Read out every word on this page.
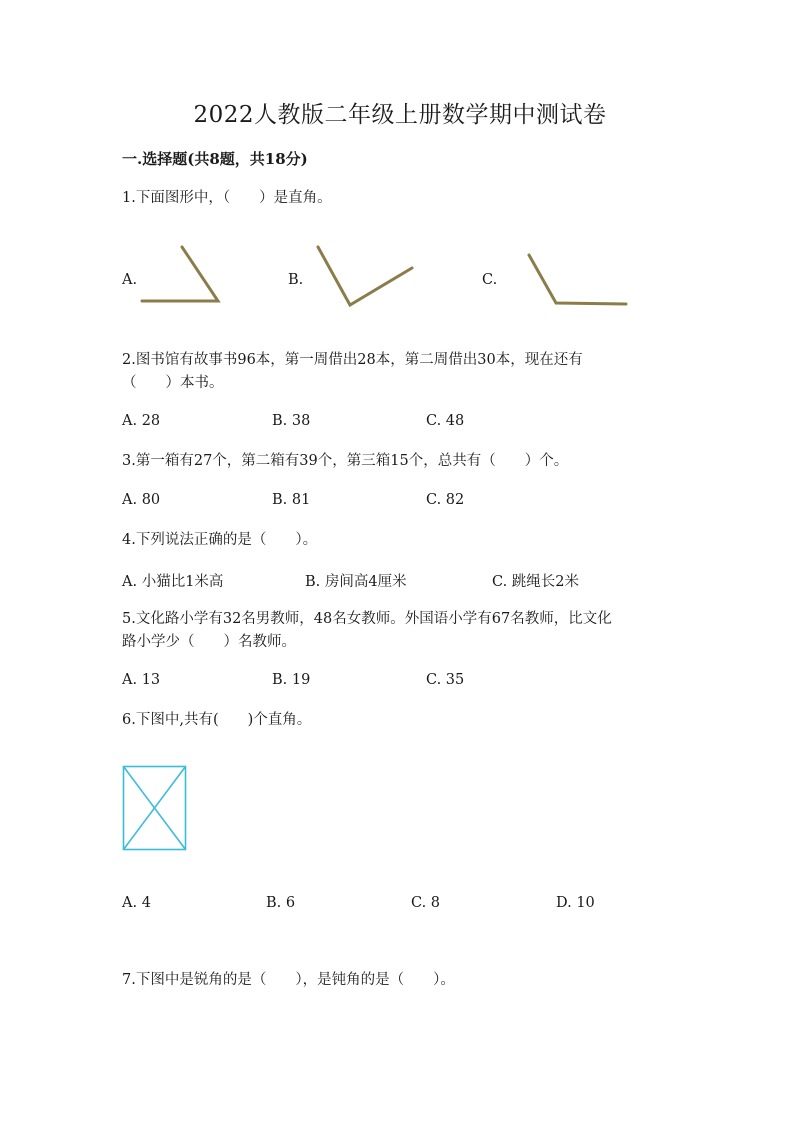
2022人教版二年级上册数学期中测试卷
一.选择题(共8题，共18分)
1.下面图形中，（　　）是直角。
A.	B.	C.
2.图书馆有故事书96本，第一周借出28本，第二周借出30本，现在还有
（　　）本书。
A. 28	B. 38	C. 48
3.第一箱有27个，第二箱有39个，第三箱15个，总共有（　　）个。
A. 80	B. 81	C. 82
4.下列说法正确的是（　　）。
A. 小猫比1米高	B. 房间高4厘米	C. 跳绳长2米
5.文化路小学有32名男教师，48名女教师。外国语小学有67名教师，比文化
路小学少（　　）名教师。
A. 13	B. 19	C. 35
6.下图中,共有(　　)个直角。
A. 4	B. 6	C. 8	D. 10
7.下图中是锐角的是（　　），是钝角的是（　　）。
